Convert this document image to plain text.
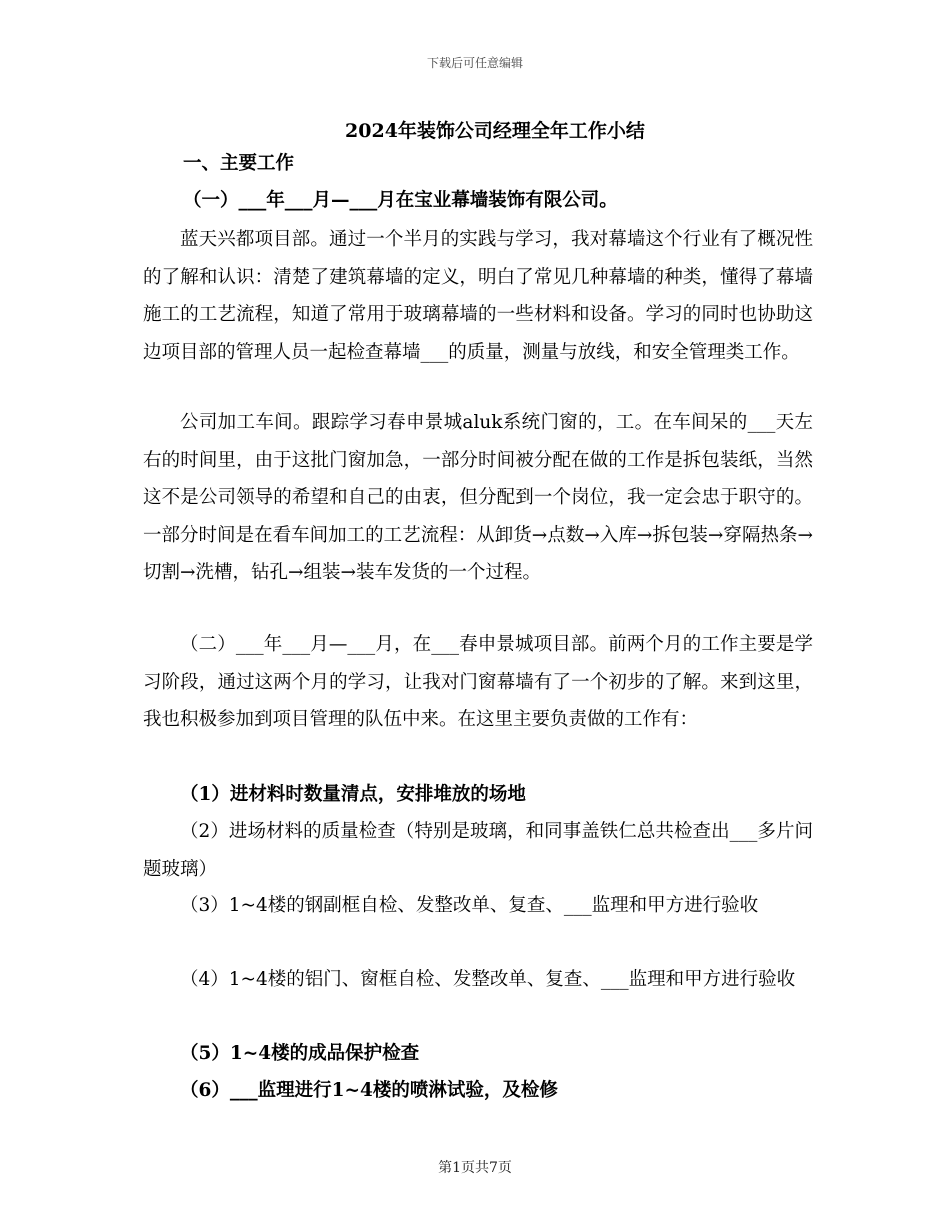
下载后可任意编辑
2024年装饰公司经理全年工作小结

一、主要工作

（一）___年___月—___月在宝业幕墙装饰有限公司。

蓝天兴都项目部。通过一个半月的实践与学习，我对幕墙这个行业有了概况性的了解和认识：清楚了建筑幕墙的定义，明白了常见几种幕墙的种类，懂得了幕墙施工的工艺流程，知道了常用于玻璃幕墙的一些材料和设备。学习的同时也协助这边项目部的管理人员一起检查幕墙___的质量，测量与放线，和安全管理类工作。

公司加工车间。跟踪学习春申景城aluk系统门窗的，工。在车间呆的___天左右的时间里，由于这批门窗加急，一部分时间被分配在做的工作是拆包装纸，当然这不是公司领导的希望和自己的由衷，但分配到一个岗位，我一定会忠于职守的。一部分时间是在看车间加工的工艺流程：从卸货→点数→入库→拆包装→穿隔热条→切割→洗槽，钻孔→组装→装车发货的一个过程。

（二）___年___月—___月，在___春申景城项目部。前两个月的工作主要是学习阶段，通过这两个月的学习，让我对门窗幕墙有了一个初步的了解。来到这里，我也积极参加到项目管理的队伍中来。在这里主要负责做的工作有：

（1）进材料时数量清点，安排堆放的场地

（2）进场材料的质量检查（特别是玻璃，和同事盖铁仁总共检查出___多片问题玻璃）

（3）1~4楼的钢副框自检、发整改单、复查、___监理和甲方进行验收

（4）1~4楼的铝门、窗框自检、发整改单、复查、___监理和甲方进行验收

（5）1~4楼的成品保护检查

（6）___监理进行1~4楼的喷淋试验，及检修

第1页共7页
